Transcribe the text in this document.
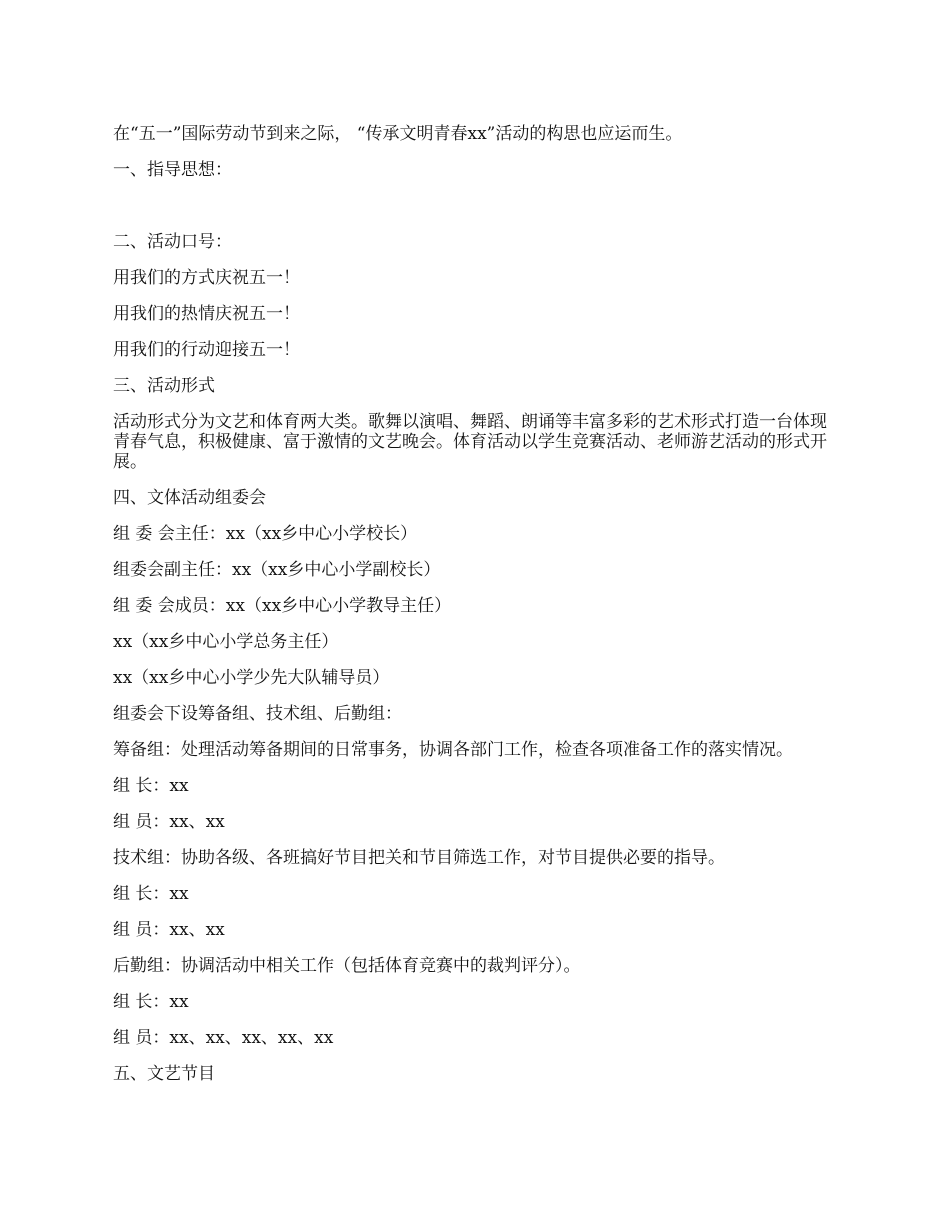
在“五一”国际劳动节到来之际， “传承文明青春xx”活动的构思也应运而生。

一、指导思想：

二、活动口号：

用我们的方式庆祝五一！

用我们的热情庆祝五一！

用我们的行动迎接五一！

三、活动形式

活动形式分为文艺和体育两大类。歌舞以演唱、舞蹈、朗诵等丰富多彩的艺术形式打造一台体现青春气息，积极健康、富于激情的文艺晚会。体育活动以学生竞赛活动、老师游艺活动的形式开展。

四、文体活动组委会

组 委 会主任：xx（xx乡中心小学校长）

组委会副主任：xx（xx乡中心小学副校长）

组 委 会成员：xx（xx乡中心小学教导主任）

xx（xx乡中心小学总务主任）

xx（xx乡中心小学少先大队辅导员）

组委会下设筹备组、技术组、后勤组：

筹备组：处理活动筹备期间的日常事务，协调各部门工作，检查各项准备工作的落实情况。

组 长：xx

组 员：xx、xx

技术组：协助各级、各班搞好节目把关和节目筛选工作，对节目提供必要的指导。

组 长：xx

组 员：xx、xx

后勤组：协调活动中相关工作（包括体育竞赛中的裁判评分）。

组 长：xx

组 员：xx、xx、xx、xx、xx

五、文艺节目
